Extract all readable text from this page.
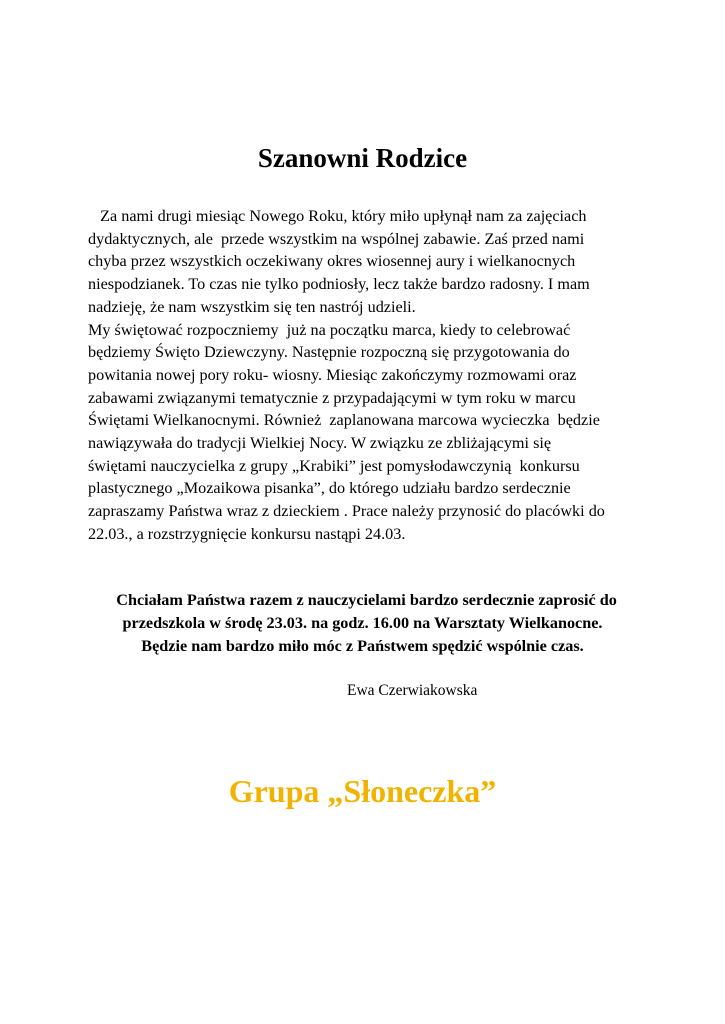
Szanowni Rodzice
Za nami drugi miesiąc Nowego Roku, który miło upłynął nam za zajęciach
dydaktycznych, ale  przede wszystkim na wspólnej zabawie. Zaś przed nami
chyba przez wszystkich oczekiwany okres wiosennej aury i wielkanocnych
niespodzianek. To czas nie tylko podniosły, lecz także bardzo radosny. I mam
nadzieję, że nam wszystkim się ten nastrój udzieli.
My świętować rozpoczniemy  już na początku marca, kiedy to celebrować
będziemy Święto Dziewczyny. Następnie rozpoczną się przygotowania do
powitania nowej pory roku- wiosny. Miesiąc zakończymy rozmowami oraz
zabawami związanymi tematycznie z przypadającymi w tym roku w marcu
Świętami Wielkanocnymi. Również  zaplanowana marcowa wycieczka  będzie
nawiązywała do tradycji Wielkiej Nocy. W związku ze zbliżającymi się
świętami nauczycielka z grupy „Krabiki” jest pomysłodawczynią  konkursu
plastycznego „Mozaikowa pisanka”, do którego udziału bardzo serdecznie
zapraszamy Państwa wraz z dzieckiem . Prace należy przynosić do placówki do
22.03., a rozstrzygnięcie konkursu nastąpi 24.03.
Chciałam Państwa razem z nauczycielami bardzo serdecznie zaprosić do
przedszkola w środę 23.03. na godz. 16.00 na Warsztaty Wielkanocne.
Będzie nam bardzo miło móc z Państwem spędzić wspólnie czas.

Ewa Czerwiakowska

Grupa „Słoneczka”
